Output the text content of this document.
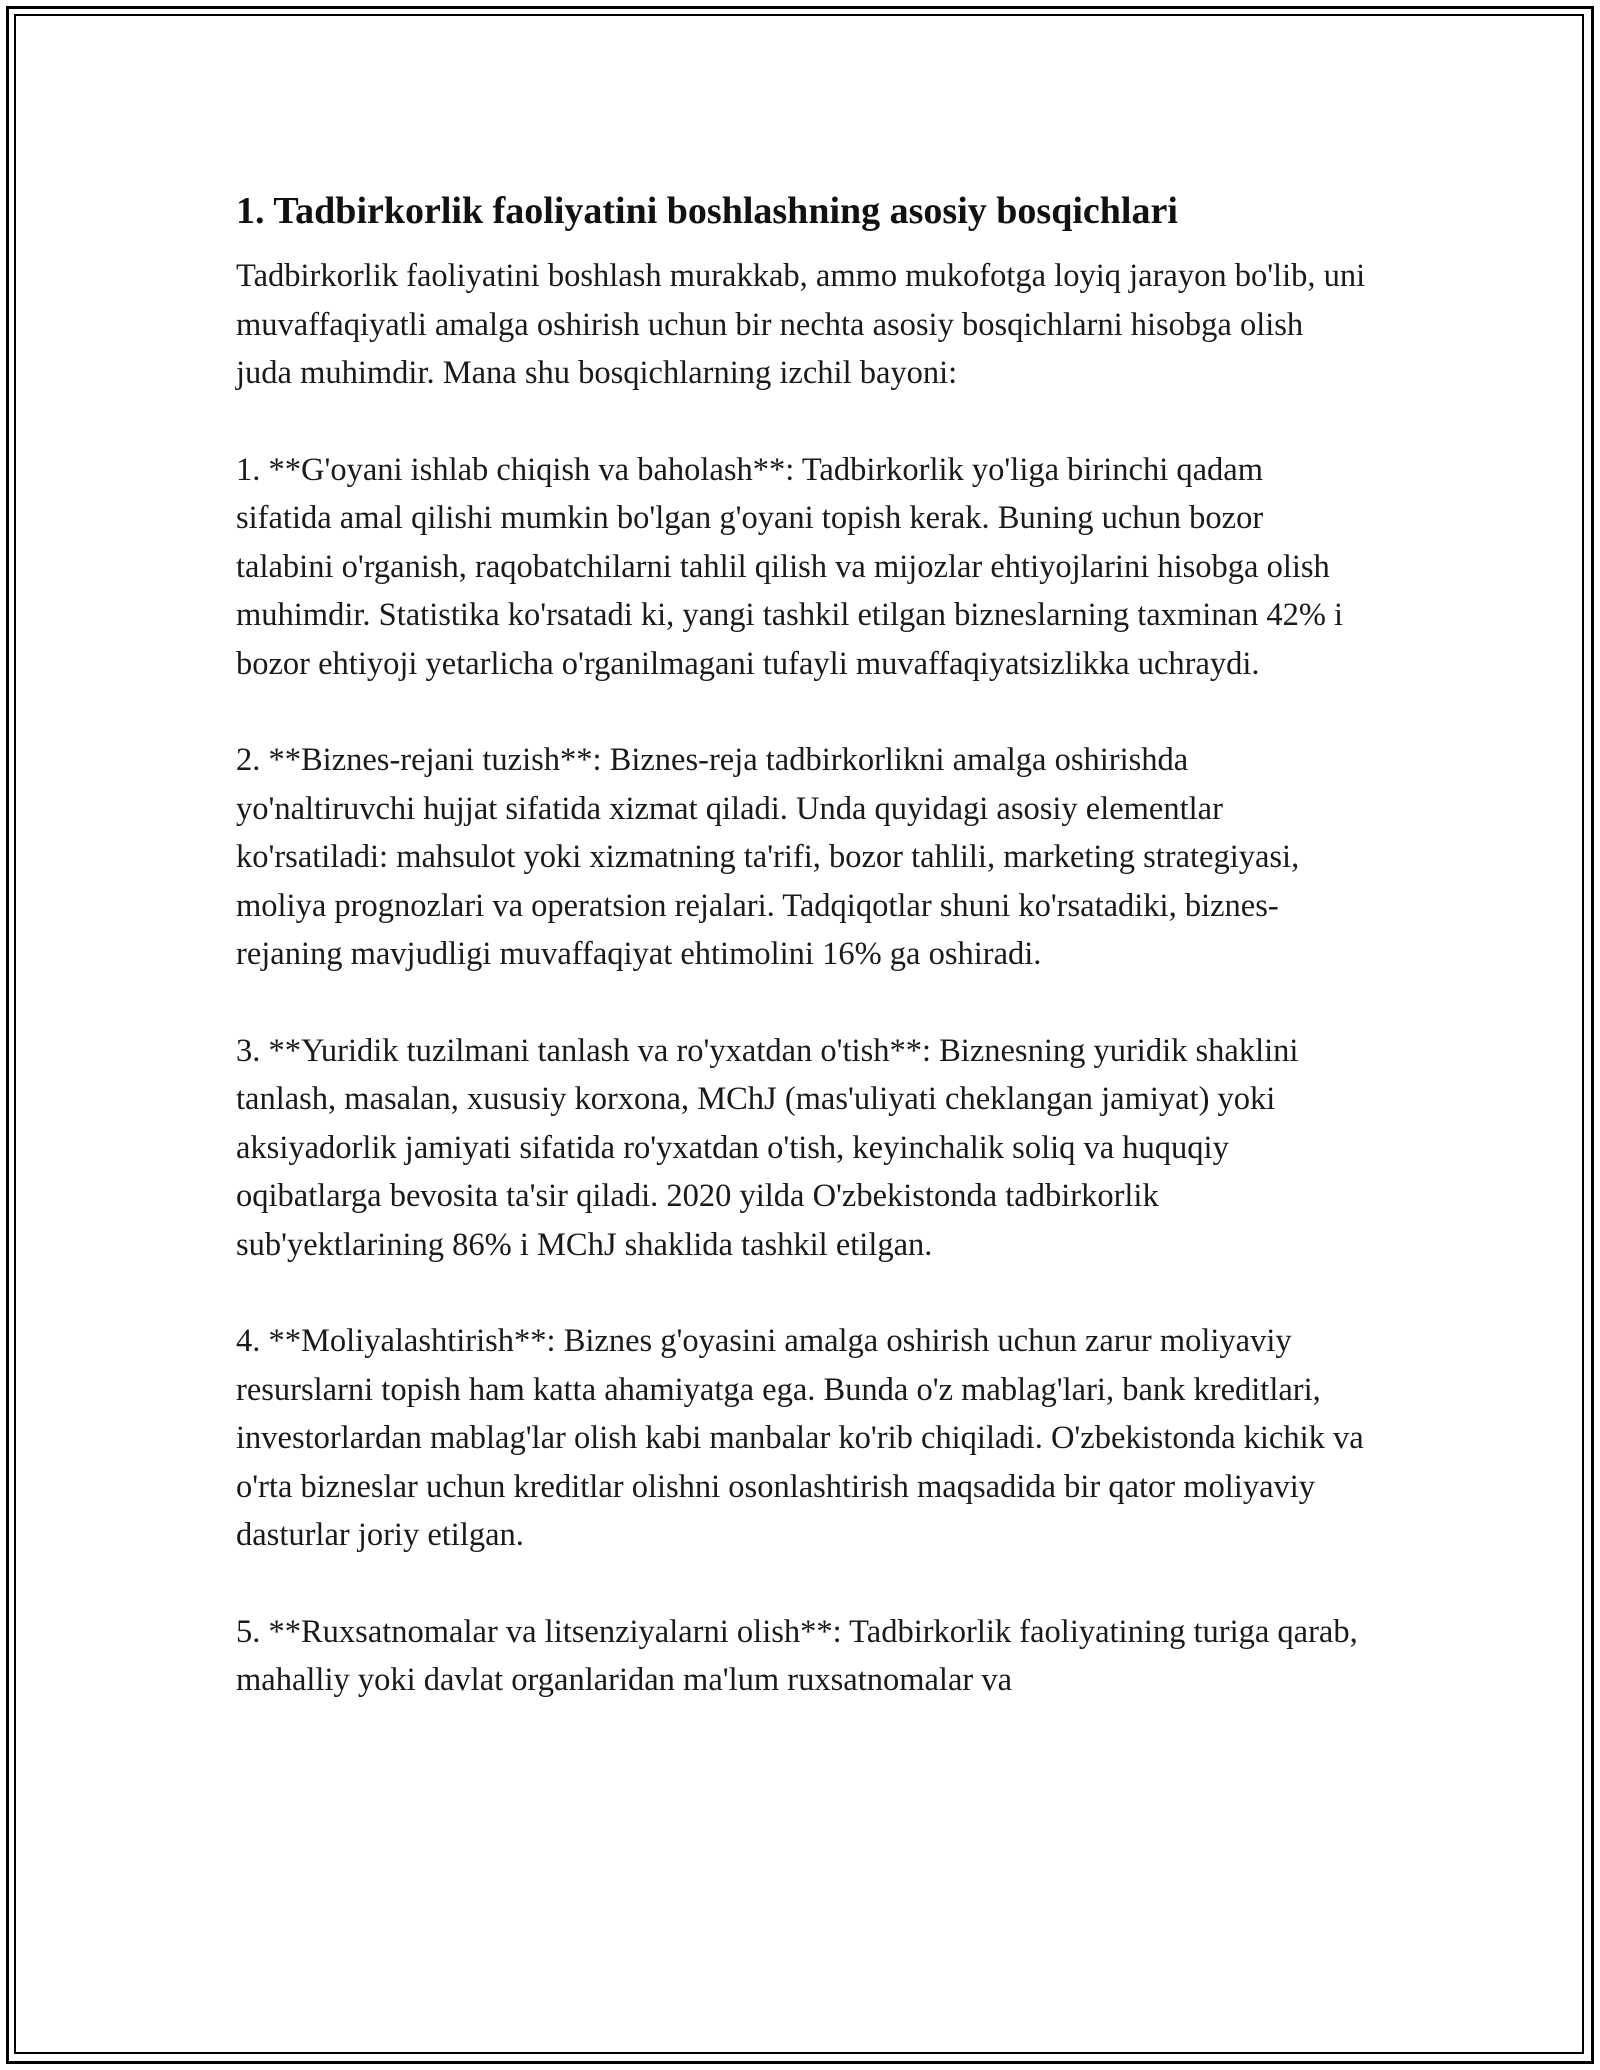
1. Tadbirkorlik faoliyatini boshlashning asosiy bosqichlari

Tadbirkorlik faoliyatini boshlash murakkab, ammo mukofotga loyiq jarayon bo'lib, uni muvaffaqiyatli amalga oshirish uchun bir nechta asosiy bosqichlarni hisobga olish juda muhimdir. Mana shu bosqichlarning izchil bayoni:

1. **G'oyani ishlab chiqish va baholash**: Tadbirkorlik yo'liga birinchi qadam sifatida amal qilishi mumkin bo'lgan g'oyani topish kerak. Buning uchun bozor talabini o'rganish, raqobatchilarni tahlil qilish va mijozlar ehtiyojlarini hisobga olish muhimdir. Statistika ko'rsatadi ki, yangi tashkil etilgan bizneslarning taxminan 42% i bozor ehtiyoji yetarlicha o'rganilmagani tufayli muvaffaqiyatsizlikka uchraydi.

2. **Biznes-rejani tuzish**: Biznes-reja tadbirkorlikni amalga oshirishda yo'naltiruvchi hujjat sifatida xizmat qiladi. Unda quyidagi asosiy elementlar ko'rsatiladi: mahsulot yoki xizmatning ta'rifi, bozor tahlili, marketing strategiyasi, moliya prognozlari va operatsion rejalari. Tadqiqotlar shuni ko'rsatadiki, biznes-rejaning mavjudligi muvaffaqiyat ehtimolini 16% ga oshiradi.

3. **Yuridik tuzilmani tanlash va ro'yxatdan o'tish**: Biznesning yuridik shaklini tanlash, masalan, xususiy korxona, MChJ (mas'uliyati cheklangan jamiyat) yoki aksiyadorlik jamiyati sifatida ro'yxatdan o'tish, keyinchalik soliq va huquqiy oqibatlarga bevosita ta'sir qiladi. 2020 yilda O'zbekistonda tadbirkorlik sub'yektlarining 86% i MChJ shaklida tashkil etilgan.

4. **Moliyalashtirish**: Biznes g'oyasini amalga oshirish uchun zarur moliyaviy resurslarni topish ham katta ahamiyatga ega. Bunda o'z mablag'lari, bank kreditlari, investorlardan mablag'lar olish kabi manbalar ko'rib chiqiladi. O'zbekistonda kichik va o'rta bizneslar uchun kreditlar olishni osonlashtirish maqsadida bir qator moliyaviy dasturlar joriy etilgan.

5. **Ruxsatnomalar va litsenziyalarni olish**: Tadbirkorlik faoliyatining turiga qarab, mahalliy yoki davlat organlaridan ma'lum ruxsatnomalar va
